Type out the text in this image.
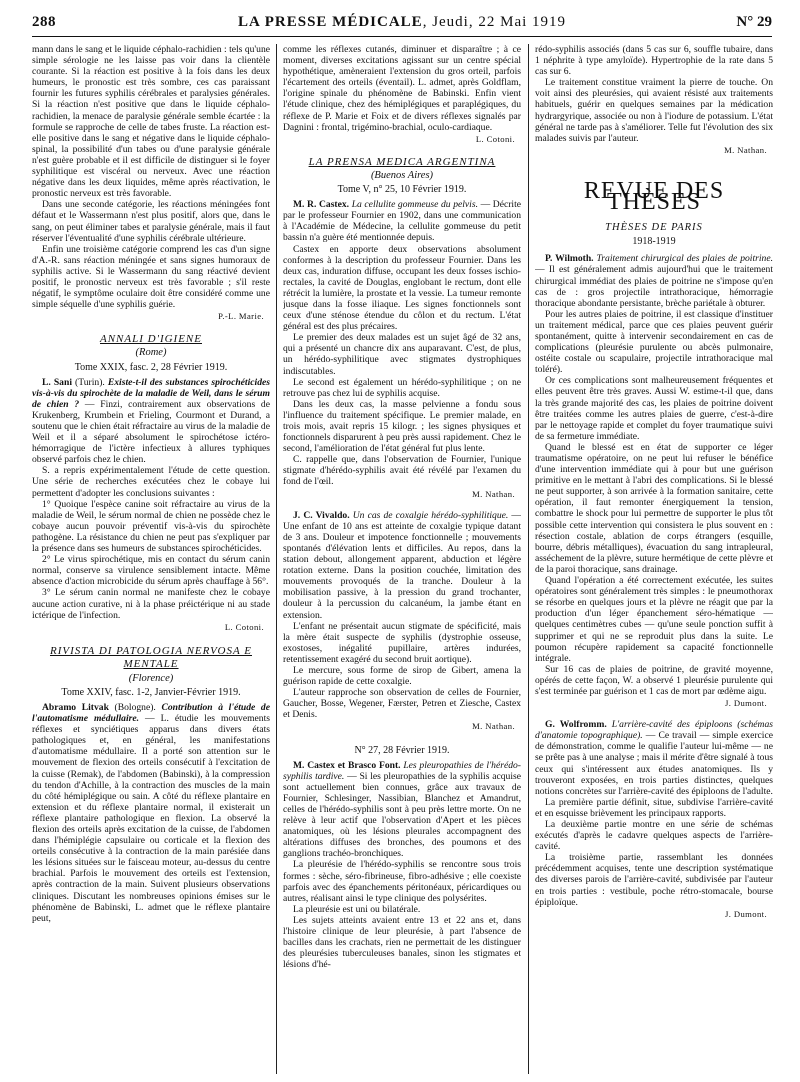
288	LA PRESSE MÉDICALE, Jeudi, 22 Mai 1919	N° 29

mann dans le sang et le liquide céphalo-rachidien : tels qu'une simple sérologie ne les laisse pas voir dans la clientèle courante. Si la réaction est positive à la fois dans les deux humeurs, le pronostic est très sombre, ces cas paraissant fournir les futures syphilis cérébrales et paralysies générales. Si la réaction n'est positive que dans le liquide céphalo-rachidien, la menace de paralysie générale semble écartée : la formule se rapproche de celle de tabes fruste. La réaction est-elle positive dans le sang et négative dans le liquide céphalo-spinal, la possibilité d'un tabes ou d'une paralysie générale n'est guère probable et il est difficile de distinguer si le foyer syphilitique est viscéral ou nerveux. Avec une réaction négative dans les deux liquides, même après réactivation, le pronostic nerveux est très favorable.

Dans une seconde catégorie, les réactions méningées font défaut et le Wassermann n'est plus positif, alors que, dans le sang, on peut éliminer tabes et paralysie générale, mais il faut réserver l'éventualité d'une syphilis cérébrale ultérieure.

Enfin une troisième catégorie comprend les cas d'un signe d'A.-R. sans réaction méningée et sans signes humoraux de syphilis active. Si le Wassermann du sang réactivé devient positif, le pronostic nerveux est très favorable ; s'il reste négatif, le symptôme oculaire doit être considéré comme une simple séquelle d'une syphilis guérie.

P.-L. Marie.
ANNALI D'IGIENE
(Rome)
Tome XXIX, fasc. 2, 28 Février 1919.

L. Sani (Turin). Existe-t-il des substances spirochéticides vis-à-vis du spirochète de la maladie de Weil, dans le sérum de chien ? — Finzi, contrairement aux observations de Krukenberg, Krumbein et Frieling, Courmont et Durand, a soutenu que le chien était réfractaire au virus de la maladie de Weil et il a séparé absolument le spirochétose ictéro-hémorragique de l'ictère infectieux à allures typhiques observé parfois chez le chien.

S. a repris expérimentalement l'étude de cette question. Une série de recherches exécutées chez le cobaye lui permettent d'adopter les conclusions suivantes :

1° Quoique l'espèce canine soit réfractaire au virus de la maladie de Weil, le sérum normal de chien ne possède chez le cobaye aucun pouvoir préventif vis-à-vis du spirochète pathogène. La résistance du chien ne peut pas s'expliquer par la présence dans ses humeurs de substances spirochéticides.

2° Le virus spirochétique, mis en contact du sérum canin normal, conserve sa virulence sensiblement intacte. Même absence d'action microbicide du sérum après chauffage à 56°.

3° Le sérum canin normal ne manifeste chez le cobaye aucune action curative, ni à la phase préictérique ni au stade ictérique de l'infection.

L. Cotoni.
RIVISTA DI PATOLOGIA NERVOSA E MENTALE
(Florence)
Tome XXIV, fasc. 1-2, Janvier-Février 1919.

Abramo Litvak (Bologne). Contribution à l'étude de l'automatisme médullaire. — L. étudie les mouvements réflexes et synciétiques apparus dans divers états pathologiques et, en général, les manifestations d'automatisme médullaire. Il a porté son attention sur le mouvement de flexion des orteils consécutif à l'excitation de la cuisse (Remak), de l'abdomen (Babinski), à la compression du tendon d'Achille, à la contraction des muscles de la main du côté hémiplégique ou sain. A côté du réflexe plantaire en extension et du réflexe plantaire normal, il existerait un réflexe plantaire pathologique en flexion. La observé la flexion des orteils après excitation de la cuisse, de l'abdomen dans l'hémiplégie capsulaire ou corticale et la flexion des orteils consécutive à la contraction de la main parésiée dans les lésions situées sur le faisceau moteur, au-dessus du centre brachial. Parfois le mouvement des orteils est l'extension, après contraction de la main. Suivent plusieurs observations cliniques. Discutant les nombreuses opinions émises sur le phénomène de Babinski, L. admet que le réflexe plantaire peut,

comme les réflexes cutanés, diminuer et disparaître ; à ce moment, diverses excitations agissant sur un centre spécial hypothétique, amèneraient l'extension du gros orteil, parfois l'écartement des orteils (éventail). L. admet, après Goldflam, l'origine spinale du phénomène de Babinski. Enfin vient l'étude clinique, chez des hémiplégiques et paraplégiques, du réflexe de P. Marie et Foix et de divers réflexes signalés par Dagnini : frontal, trigémino-brachial, oculo-cardiaque.

L. Cotoni.
LA PRENSA MEDICA ARGENTINA
(Buenos Aires)
Tome V, n° 25, 10 Février 1919.

M. R. Castex. La cellulite gommeuse du pelvis. — Décrite par le professeur Fournier en 1902, dans une communication à l'Académie de Médecine, la cellulite gommeuse du petit bassin n'a guère été mentionnée depuis.

Castex en apporte deux observations absolument conformes à la description du professeur Fournier. Dans les deux cas, induration diffuse, occupant les deux fosses ischio-rectales, la cavité de Douglas, englobant le rectum, dont elle rétrécit la lumière, la prostate et la vessie. La tumeur remonte jusque dans la fosse iliaque. Les signes fonctionnels sont ceux d'une sténose étendue du côlon et du rectum. L'état général est des plus précaires.

Le premier des deux malades est un sujet âgé de 32 ans, qui a présenté un chancre dix ans auparavant. C'est, de plus, un hérédo-syphilitique avec stigmates dystrophiques indiscutables.

Le second est également un hérédo-syphilitique ; on ne retrouve pas chez lui de syphilis acquise.

Dans les deux cas, la masse pelvienne a fondu sous l'influence du traitement spécifique. Le premier malade, en trois mois, avait repris 15 kilogr. ; les signes physiques et fonctionnels disparurent à peu près aussi rapidement. Chez le second, l'amélioration de l'état général fut plus lente.

C. rappelle que, dans l'observation de Fournier, l'unique stigmate d'hérédo-syphilis avait été révélé par l'examen du fond de l'œil.

M. Nathan.

J. C. Vivaldo. Un cas de coxalgie hérédo-syphilitique. — Une enfant de 10 ans est atteinte de coxalgie typique datant de 3 ans. Douleur et impotence fonctionnelle ; mouvements spontanés d'élévation lents et difficiles. Au repos, dans la station debout, allongement apparent, abduction et légère rotation externe. Dans la position couchée, limitation des mouvements provoqués de la tranche. Douleur à la mobilisation passive, à la pression du grand trochanter, douleur à la percussion du calcanéum, la jambe étant en extension.

L'enfant ne présentait aucun stigmate de spécificité, mais la mère était suspecte de syphilis (dystrophie osseuse, exostoses, inégalité pupillaire, artères indurées, retentissement exagéré du second bruit aortique).

Le mercure, sous forme de sirop de Gibert, amena la guérison rapide de cette coxalgie.

L'auteur rapproche son observation de celles de Fournier, Gaucher, Bosse, Wegener, Færster, Petren et Ziesche, Castex et Denis.

M. Nathan.
N° 27, 28 Février 1919.

M. Castex et Brasco Font. Les pleuropathies de l'hérédo-syphilis tardive. — Si les pleuropathies de la syphilis acquise sont actuellement bien connues, grâce aux travaux de Fournier, Schlesinger, Nassibian, Blanchez et Amandrut, celles de l'hérédo-syphilis sont à peu près lettre morte. On ne relève à leur actif que l'observation d'Apert et les pièces anatomiques, où les lésions pleurales accompagnent des altérations diffuses des bronches, des poumons et des ganglions trachéo-bronchiques.

La pleurésie de l'hérédo-syphilis se rencontre sous trois formes : sèche, séro-fibrineuse, fibro-adhésive ; elle coexiste parfois avec des épanchements péritonéaux, péricardiques ou autres, réalisant ainsi le type clinique des polysérites.

La pleurésie est uni ou bilatérale.

Les sujets atteints avaient entre 13 et 22 ans et, dans l'histoire clinique de leur pleurésie, à part l'absence de bacilles dans les crachats, rien ne permettait de les distinguer des pleurésies tuberculeuses banales, sinon les stigmates et lésions d'hé-

rédo-syphilis associés (dans 5 cas sur 6, souffle tubaire, dans 1 néphrite à type amyloïde). Hypertrophie de la rate dans 5 cas sur 6.

Le traitement constitue vraiment la pierre de touche. On voit ainsi des pleurésies, qui avaient résisté aux traitements habituels, guérir en quelques semaines par la médication hydrargyrique, associée ou non à l'iodure de potassium. L'état général ne tarde pas à s'améliorer. Telle fut l'évolution des six malades suivis par l'auteur.

M. Nathan.
REVUE DES THÈSES
THÈSES DE PARIS
1918-1919

P. Wilmoth. Traitement chirurgical des plaies de poitrine. — Il est généralement admis aujourd'hui que le traitement chirurgical immédiat des plaies de poitrine ne s'impose qu'en cas de : gros projectile intrathoracique, hémorragie thoracique abondante persistante, brèche pariétale à obturer.

Pour les autres plaies de poitrine, il est classique d'instituer un traitement médical, parce que ces plaies peuvent guérir spontanément, quitte à intervenir secondairement en cas de complications (pleurésie purulente ou abcès pulmonaire, ostéite costale ou scapulaire, projectile intrathoracique mal toléré).

Or ces complications sont malheureusement fréquentes et elles peuvent être très graves. Aussi W. estime-t-il que, dans la très grande majorité des cas, les plaies de poitrine doivent être traitées comme les autres plaies de guerre, c'est-à-dire par le nettoyage rapide et complet du foyer traumatique suivi de sa fermeture immédiate.

Quand le blessé est en état de supporter ce léger traumatisme opératoire, on ne peut lui refuser le bénéfice d'une intervention immédiate qui à pour but une guérison primitive en le mettant à l'abri des complications. Si le blessé ne peut supporter, à son arrivée à la formation sanitaire, cette opération, il faut remonter énergiquement la tension, combattre le shock pour lui permettre de supporter le plus tôt possible cette intervention qui consistera le plus souvent en : résection costale, ablation de corps étrangers (esquille, bourre, débris métalliques), évacuation du sang intrapleural, asséchement de la plèvre, suture hermétique de cette plèvre et de la paroi thoracique, sans drainage.

Quand l'opération a été correctement exécutée, les suites opératoires sont généralement très simples : le pneumothorax se résorbe en quelques jours et la plèvre ne réagit que par la production d'un léger épanchement séro-hématique — quelques centimètres cubes — qu'une seule ponction suffit à supprimer et qui ne se reproduit plus dans la suite. Le poumon récupère rapidement sa capacité fonctionnelle intégrale.

Sur 16 cas de plaies de poitrine, de gravité moyenne, opérés de cette façon, W. a observé 1 pleurésie purulente qui s'est terminée par guérison et 1 cas de mort par œdème aigu.

J. Dumont.

G. Wolfromm. L'arrière-cavité des épiploons (schémas d'anatomie topographique). — Ce travail — simple exercice de démonstration, comme le qualifie l'auteur lui-même — ne se prête pas à une analyse ; mais il mérite d'être signalé à tous ceux qui s'intéressent aux études anatomiques. Ils y trouveront exposées, en trois parties distinctes, quelques notions concrètes sur l'arrière-cavité des épiploons de l'adulte.

La première partie définit, situe, subdivise l'arrière-cavité et en esquisse brièvement les principaux rapports.

La deuxième partie montre en une série de schémas exécutés d'après le cadavre quelques aspects de l'arrière-cavité.

La troisième partie, rassemblant les données précédemment acquises, tente une description systématique des diverses parois de l'arrière-cavité, subdivisée par l'auteur en trois parties : vestibule, poche rétro-stomacale, bourse épiploïque.

J. Dumont.
